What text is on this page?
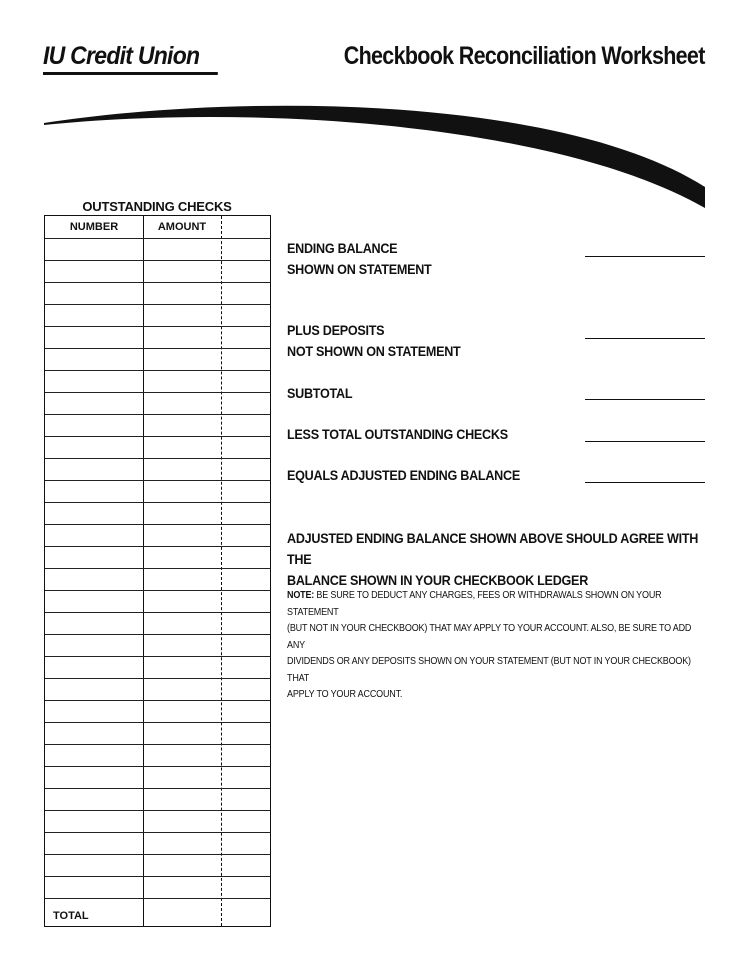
IU Credit Union	Checkbook Reconciliation Worksheet
OUTSTANDING CHECKS
NUMBER	AMOUNT
TOTAL
ENDING BALANCE
SHOWN ON STATEMENT
PLUS DEPOSITS
NOT SHOWN ON STATEMENT
SUBTOTAL
LESS TOTAL OUTSTANDING CHECKS
EQUALS ADJUSTED ENDING BALANCE
ADJUSTED ENDING BALANCE SHOWN ABOVE SHOULD AGREE WITH THE
BALANCE SHOWN IN YOUR CHECKBOOK LEDGER
NOTE: BE SURE TO DEDUCT ANY CHARGES, FEES OR WITHDRAWALS SHOWN ON YOUR STATEMENT
(BUT NOT IN YOUR CHECKBOOK) THAT MAY APPLY TO YOUR ACCOUNT. ALSO, BE SURE TO ADD ANY
DIVIDENDS OR ANY DEPOSITS SHOWN ON YOUR STATEMENT (BUT NOT IN YOUR CHECKBOOK) THAT
APPLY TO YOUR ACCOUNT.
